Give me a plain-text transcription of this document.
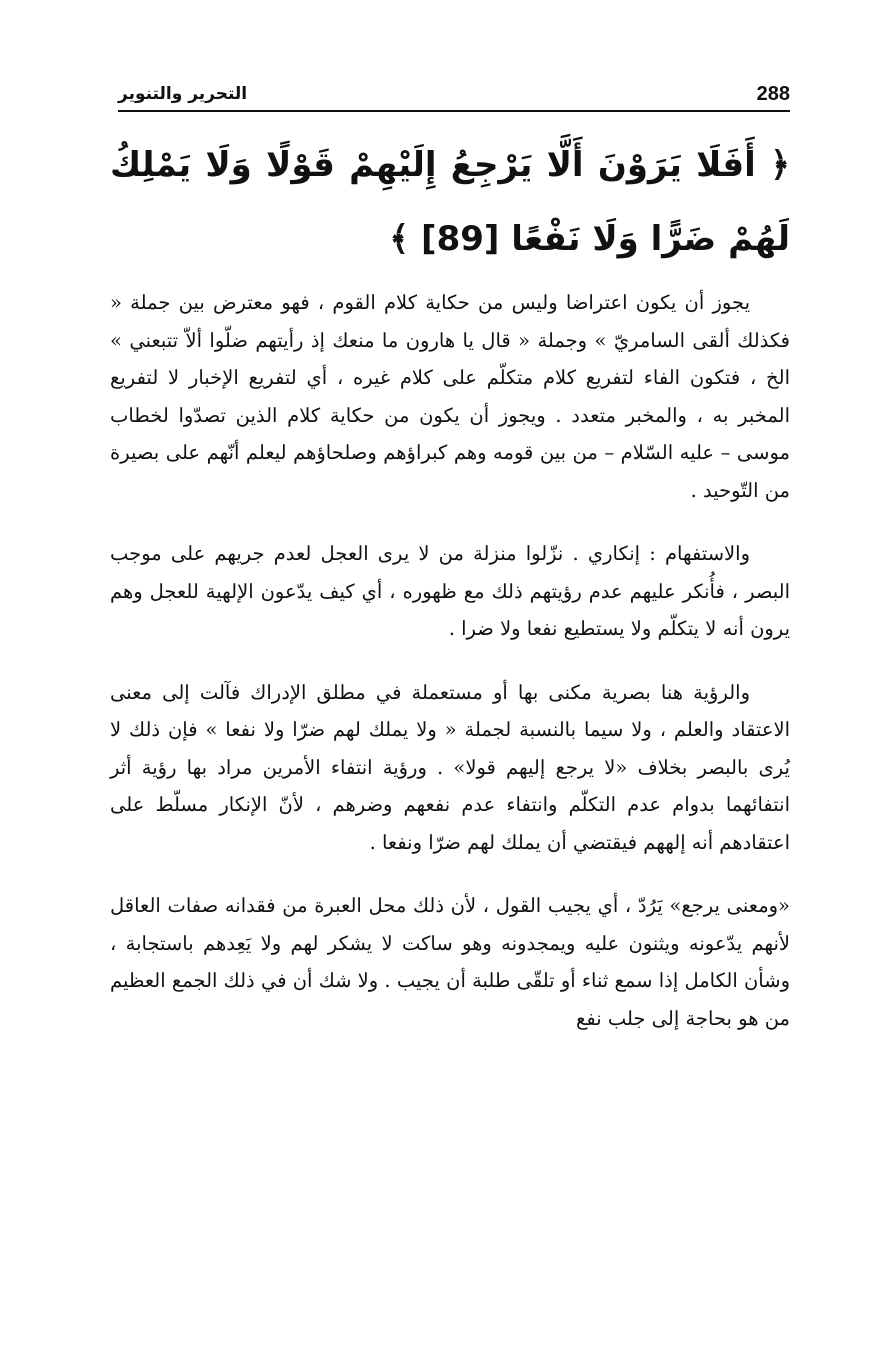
288
التحرير والتنوير
﴿ أَفَلَا يَرَوْنَ أَلَّا يَرْجِعُ إِلَيْهِمْ قَوْلًا وَلَا يَمْلِكُ لَهُمْ ضَرًّا وَلَا نَفْعًا [89] ﴾

يجوز أن يكون اعتراضا وليس من حكاية كلام القوم ، فهو معترض بين جملة « فكذلك ألقى السامريّ » وجملة « قال يا هارون ما منعك إذ رأيتهم ضلّوا ألاّ تتبعني » الخ ، فتكون الفاء لتفريع كلام متكلّم على كلام غيره ، أي لتفريع الإخبار لا لتفريع المخبر به ، والمخبر متعدد . ويجوز أن يكون من حكاية كلام الذين تصدّوا لخطاب موسى – عليه السّلام – من بين قومه وهم كبراؤهم وصلحاؤهم ليعلم أنّهم على بصيرة من التّوحيد .

والاستفهام : إنكاري . نزّلوا منزلة من لا يرى العجل لعدم جريهم على موجب البصر ، فأُنكر عليهم عدم رؤيتهم ذلك مع ظهوره ، أي كيف يدّعون الإلهية للعجل وهم يرون أنه لا يتكلّم ولا يستطيع نفعا ولا ضرا .

والرؤية هنا بصرية مكنى بها أو مستعملة في مطلق الإدراك فآلت إلى معنى الاعتقاد والعلم ، ولا سيما بالنسبة لجملة « ولا يملك لهم ضرّا ولا نفعا » فإن ذلك لا يُرى بالبصر بخلاف «لا يرجع إليهم قولا» . ورؤية انتفاء الأمرين مراد بها رؤية أثر انتفائهما بدوام عدم التكلّم وانتفاء عدم نفعهم وضرهم ، لأنّ الإنكار مسلّط على اعتقادهم أنه إلههم فيقتضي أن يملك لهم ضرّا ونفعا .

«ومعنى يرجع» يَرُدّ ، أي يجيب القول ، لأن ذلك محل العبرة من فقدانه صفات العاقل لأنهم يدّعونه ويثنون عليه ويمجدونه وهو ساكت لا يشكر لهم ولا يَعِدهم باستجابة ، وشأن الكامل إذا سمع ثناء أو تلقّى طلبة أن يجيب . ولا شك أن في ذلك الجمع العظيم من هو بحاجة إلى جلب نفع
